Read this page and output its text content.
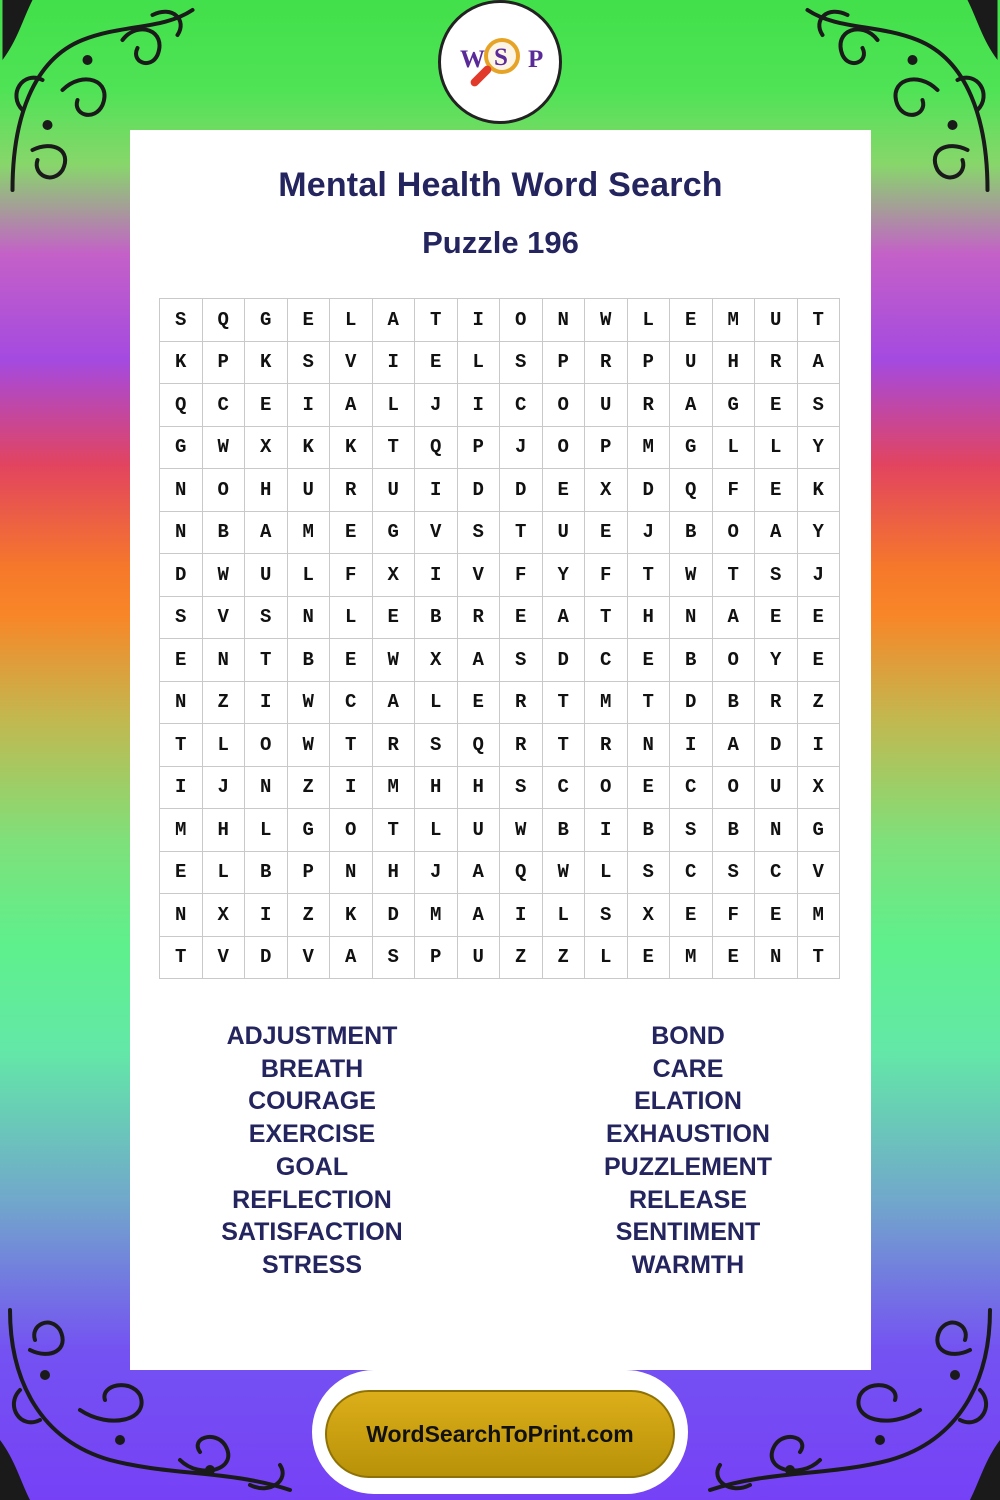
W S P
Mental Health Word Search
Puzzle 196
S	Q	G	E	L	A	T	I	O	N	W	L	E	M	U	T
K	P	K	S	V	I	E	L	S	P	R	P	U	H	R	A
Q	C	E	I	A	L	J	I	C	O	U	R	A	G	E	S
G	W	X	K	K	T	Q	P	J	O	P	M	G	L	L	Y
N	O	H	U	R	U	I	D	D	E	X	D	Q	F	E	K
N	B	A	M	E	G	V	S	T	U	E	J	B	O	A	Y
D	W	U	L	F	X	I	V	F	Y	F	T	W	T	S	J
S	V	S	N	L	E	B	R	E	A	T	H	N	A	E	E
E	N	T	B	E	W	X	A	S	D	C	E	B	O	Y	E
N	Z	I	W	C	A	L	E	R	T	M	T	D	B	R	Z
T	L	O	W	T	R	S	Q	R	T	R	N	I	A	D	I
I	J	N	Z	I	M	H	H	S	C	O	E	C	O	U	X
M	H	L	G	O	T	L	U	W	B	I	B	S	B	N	G
E	L	B	P	N	H	J	A	Q	W	L	S	C	S	C	V
N	X	I	Z	K	D	M	A	I	L	S	X	E	F	E	M
T	V	D	V	A	S	P	U	Z	Z	L	E	M	E	N	T
ADJUSTMENT
BREATH
COURAGE
EXERCISE
GOAL
REFLECTION
SATISFACTION
STRESS
BOND
CARE
ELATION
EXHAUSTION
PUZZLEMENT
RELEASE
SENTIMENT
WARMTH
WordSearchToPrint.com
